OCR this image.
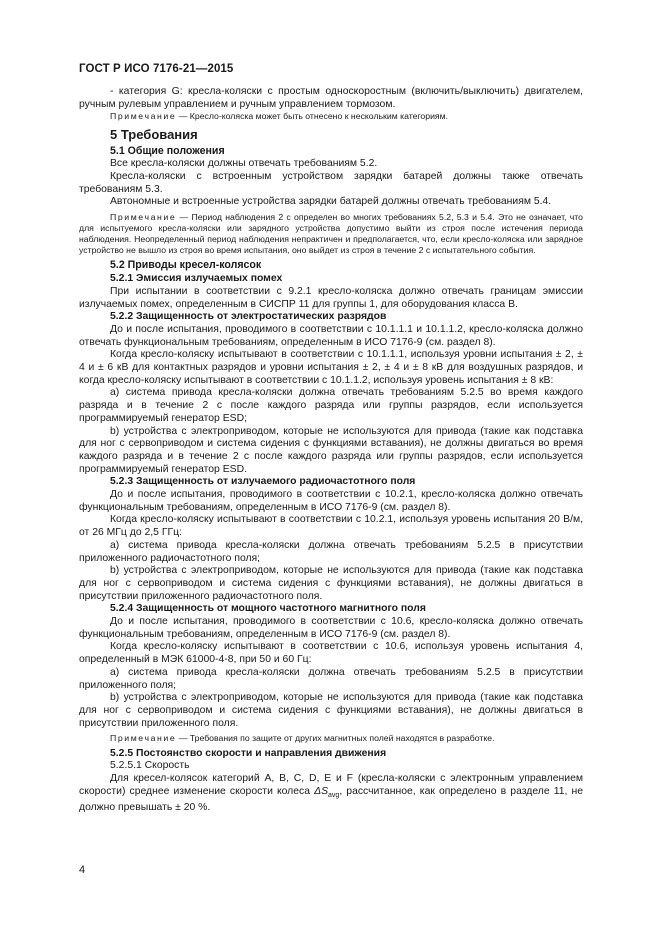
ГОСТ Р ИСО 7176-21—2015

- категория G: кресла-коляски с простым односкоростным (включить/выключить) двигателем, ручным рулевым управлением и ручным управлением тормозом.

Примечание — Кресло-коляска может быть отнесено к нескольким категориям.

5 Требования
5.1 Общие положения

Все кресла-коляски должны отвечать требованиям 5.2.

Кресла-коляски с встроенным устройством зарядки батарей должны также отвечать требованиям 5.3.

Автономные и встроенные устройства зарядки батарей должны отвечать требованиям 5.4.

Примечание — Период наблюдения 2 с определен во многих требованиях 5.2, 5.3 и 5.4. Это не означает, что для испытуемого кресла-коляски или зарядного устройства допустимо выйти из строя после истечения периода наблюдения. Неопределенный период наблюдения непрактичен и предполагается, что, если кресло-коляска или зарядное устройство не вышло из строя во время испытания, оно выйдет из строя в течение 2 с испытательного события.

5.2 Приводы кресел-колясок

5.2.1 Эмиссия излучаемых помех

При испытании в соответствии с 9.2.1 кресло-коляска должно отвечать границам эмиссии излучаемых помех, определенным в СИСПР 11 для группы 1, для оборудования класса B.

5.2.2 Защищенность от электростатических разрядов

До и после испытания, проводимого в соответствии с 10.1.1.1 и 10.1.1.2, кресло-коляска должно отвечать функциональным требованиям, определенным в ИСО 7176-9 (см. раздел 8).

Когда кресло-коляску испытывают в соответствии с 10.1.1.1, используя уровни испытания ± 2, ± 4 и ± 6 кВ для контактных разрядов и уровни испытания ± 2, ± 4 и ± 8 кВ для воздушных разрядов, и когда кресло-коляску испытывают в соответствии с 10.1.1.2, используя уровень испытания ± 8 кВ:

а) система привода кресла-коляски должна отвечать требованиям 5.2.5 во время каждого разряда и в течение 2 с после каждого разряда или группы разрядов, если используется программируемый генератор ESD;

b) устройства с электроприводом, которые не используются для привода (такие как подставка для ног с сервоприводом и система сидения с функциями вставания), не должны двигаться во время каждого разряда и в течение 2 с после каждого разряда или группы разрядов, если используется программируемый генератор ESD.

5.2.3 Защищенность от излучаемого радиочастотного поля

До и после испытания, проводимого в соответствии с 10.2.1, кресло-коляска должно отвечать функциональным требованиям, определенным в ИСО 7176-9 (см. раздел 8).

Когда кресло-коляску испытывают в соответствии с 10.2.1, используя уровень испытания 20 В/м, от 26 МГц до 2,5 ГГц:

а) система привода кресла-коляски должна отвечать требованиям 5.2.5 в присутствии приложенного радиочастотного поля;

b) устройства с электроприводом, которые не используются для привода (такие как подставка для ног с сервоприводом и система сидения с функциями вставания), не должны двигаться в присутствии приложенного радиочастотного поля.

5.2.4 Защищенность от мощного частотного магнитного поля

До и после испытания, проводимого в соответствии с 10.6, кресло-коляска должно отвечать функциональным требованиям, определенным в ИСО 7176-9 (см. раздел 8).

Когда кресло-коляску испытывают в соответствии с 10.6, используя уровень испытания 4, определенный в МЭК 61000-4-8, при 50 и 60 Гц:

а) система привода кресла-коляски должна отвечать требованиям 5.2.5 в присутствии приложенного поля;

b) устройства с электроприводом, которые не используются для привода (такие как подставка для ног с сервоприводом и система сидения с функциями вставания), не должны двигаться в присутствии приложенного поля.

Примечание — Требования по защите от других магнитных полей находятся в разработке.

5.2.5 Постоянство скорости и направления движения

5.2.5.1 Скорость

Для кресел-колясок категорий A, B, C, D, E и F (кресла-коляски с электронным управлением скорости) среднее изменение скорости колеса $\Delta S_{avg}$, рассчитанное, как определено в разделе 11, не должно превышать ± 20 %.

4
